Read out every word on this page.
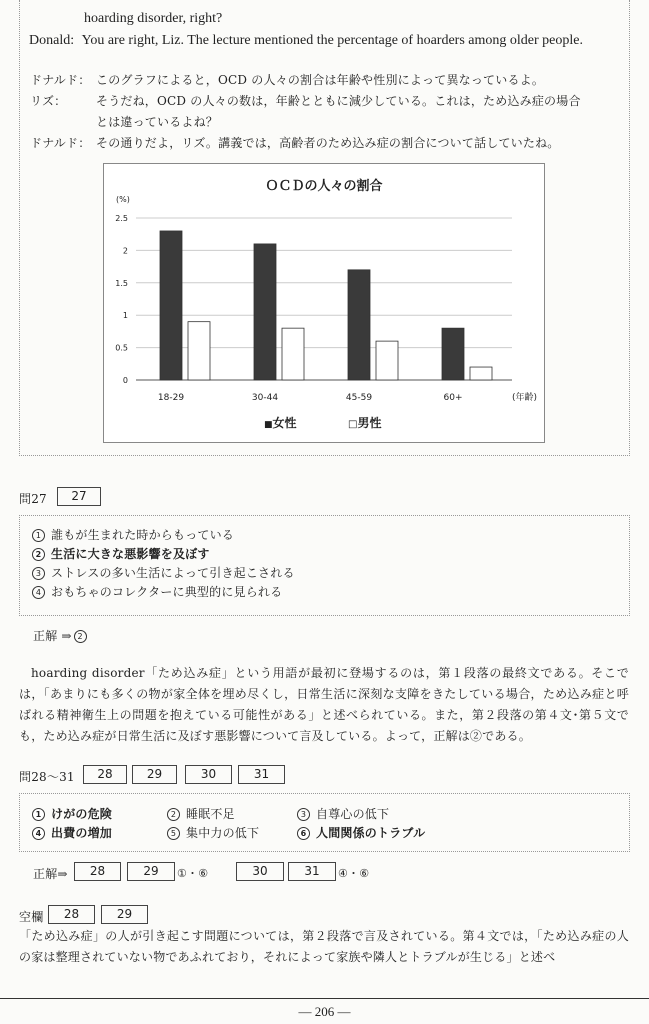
hoarding disorder, right?
Donald: You are right, Liz. The lecture mentioned the percentage of hoarders among older people.
ドナルド： このグラフによると，OCD の人々の割合は年齢や性別によって異なっているよ。
リズ： そうだね，OCD の人々の数は，年齢とともに減少している。これは，ため込み症の場合
とは違っているよね？
ドナルド： その通りだよ，リズ。講義では，高齢者のため込み症の割合について話していたね。
ＯＣＤの人々の割合
(%)
0
0.5
1
1.5
2
2.5
18-29	30-44	45-59	60+	(年齢)
■女性	□男性
問27	27
1 誰もが生まれた時からもっている
2 生活に大きな悪影響を及ぼす
3 ストレスの多い生活によって引き起こされる
4 おもちゃのコレクターに典型的に見られる
正解 ⇒ 2
hoarding disorder「ため込み症」という用語が最初に登場するのは，第１段落の最終文である。そこでは，「あまりにも多くの物が家全体を埋め尽くし，日常生活に深刻な支障をきたしている場合，ため込み症と呼ばれる精神衛生上の問題を抱えている可能性がある」と述べられている。また，第２段落の第４文･第５文でも，ため込み症が日常生活に及ぼす悪影響について言及している。よって，正解は②である。
問28〜31	28	29	30	31
1 けがの危険	2 睡眠不足	3 自尊心の低下
4 出費の増加	5 集中力の低下	6 人間関係のトラブル
正解⇒	28	29	①・⑥	30	31	④・⑥
空欄	28	29
「ため込み症」の人が引き起こす問題については，第２段落で言及されている。第４文では，「ため込み症の人の家は整理されていない物であふれており，それによって家族や隣人とトラブルが生じる」と述べ
― 206 ―
